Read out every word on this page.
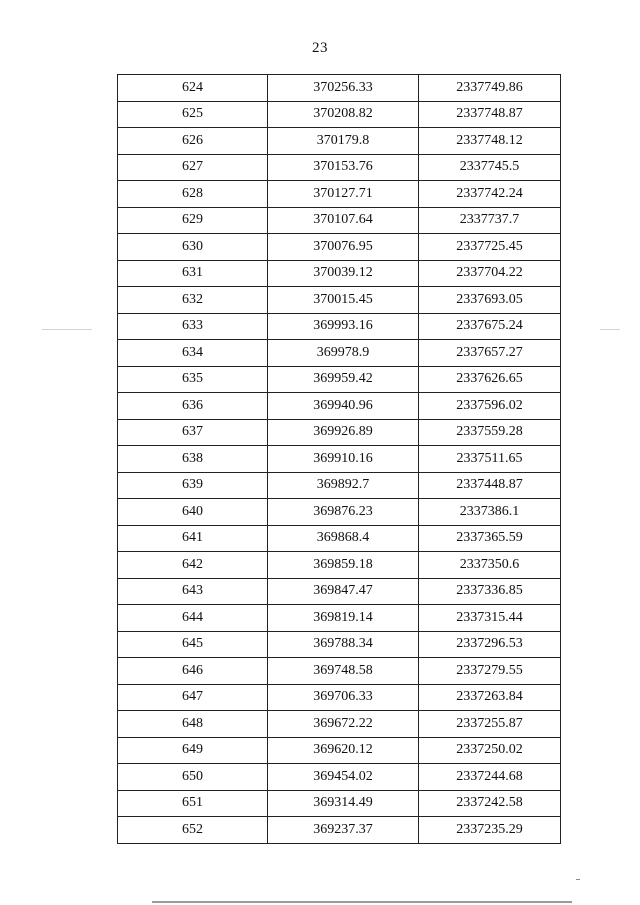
23
624	370256.33	2337749.86
625	370208.82	2337748.87
626	370179.8	2337748.12
627	370153.76	2337745.5
628	370127.71	2337742.24
629	370107.64	2337737.7
630	370076.95	2337725.45
631	370039.12	2337704.22
632	370015.45	2337693.05
633	369993.16	2337675.24
634	369978.9	2337657.27
635	369959.42	2337626.65
636	369940.96	2337596.02
637	369926.89	2337559.28
638	369910.16	2337511.65
639	369892.7	2337448.87
640	369876.23	2337386.1
641	369868.4	2337365.59
642	369859.18	2337350.6
643	369847.47	2337336.85
644	369819.14	2337315.44
645	369788.34	2337296.53
646	369748.58	2337279.55
647	369706.33	2337263.84
648	369672.22	2337255.87
649	369620.12	2337250.02
650	369454.02	2337244.68
651	369314.49	2337242.58
652	369237.37	2337235.29
